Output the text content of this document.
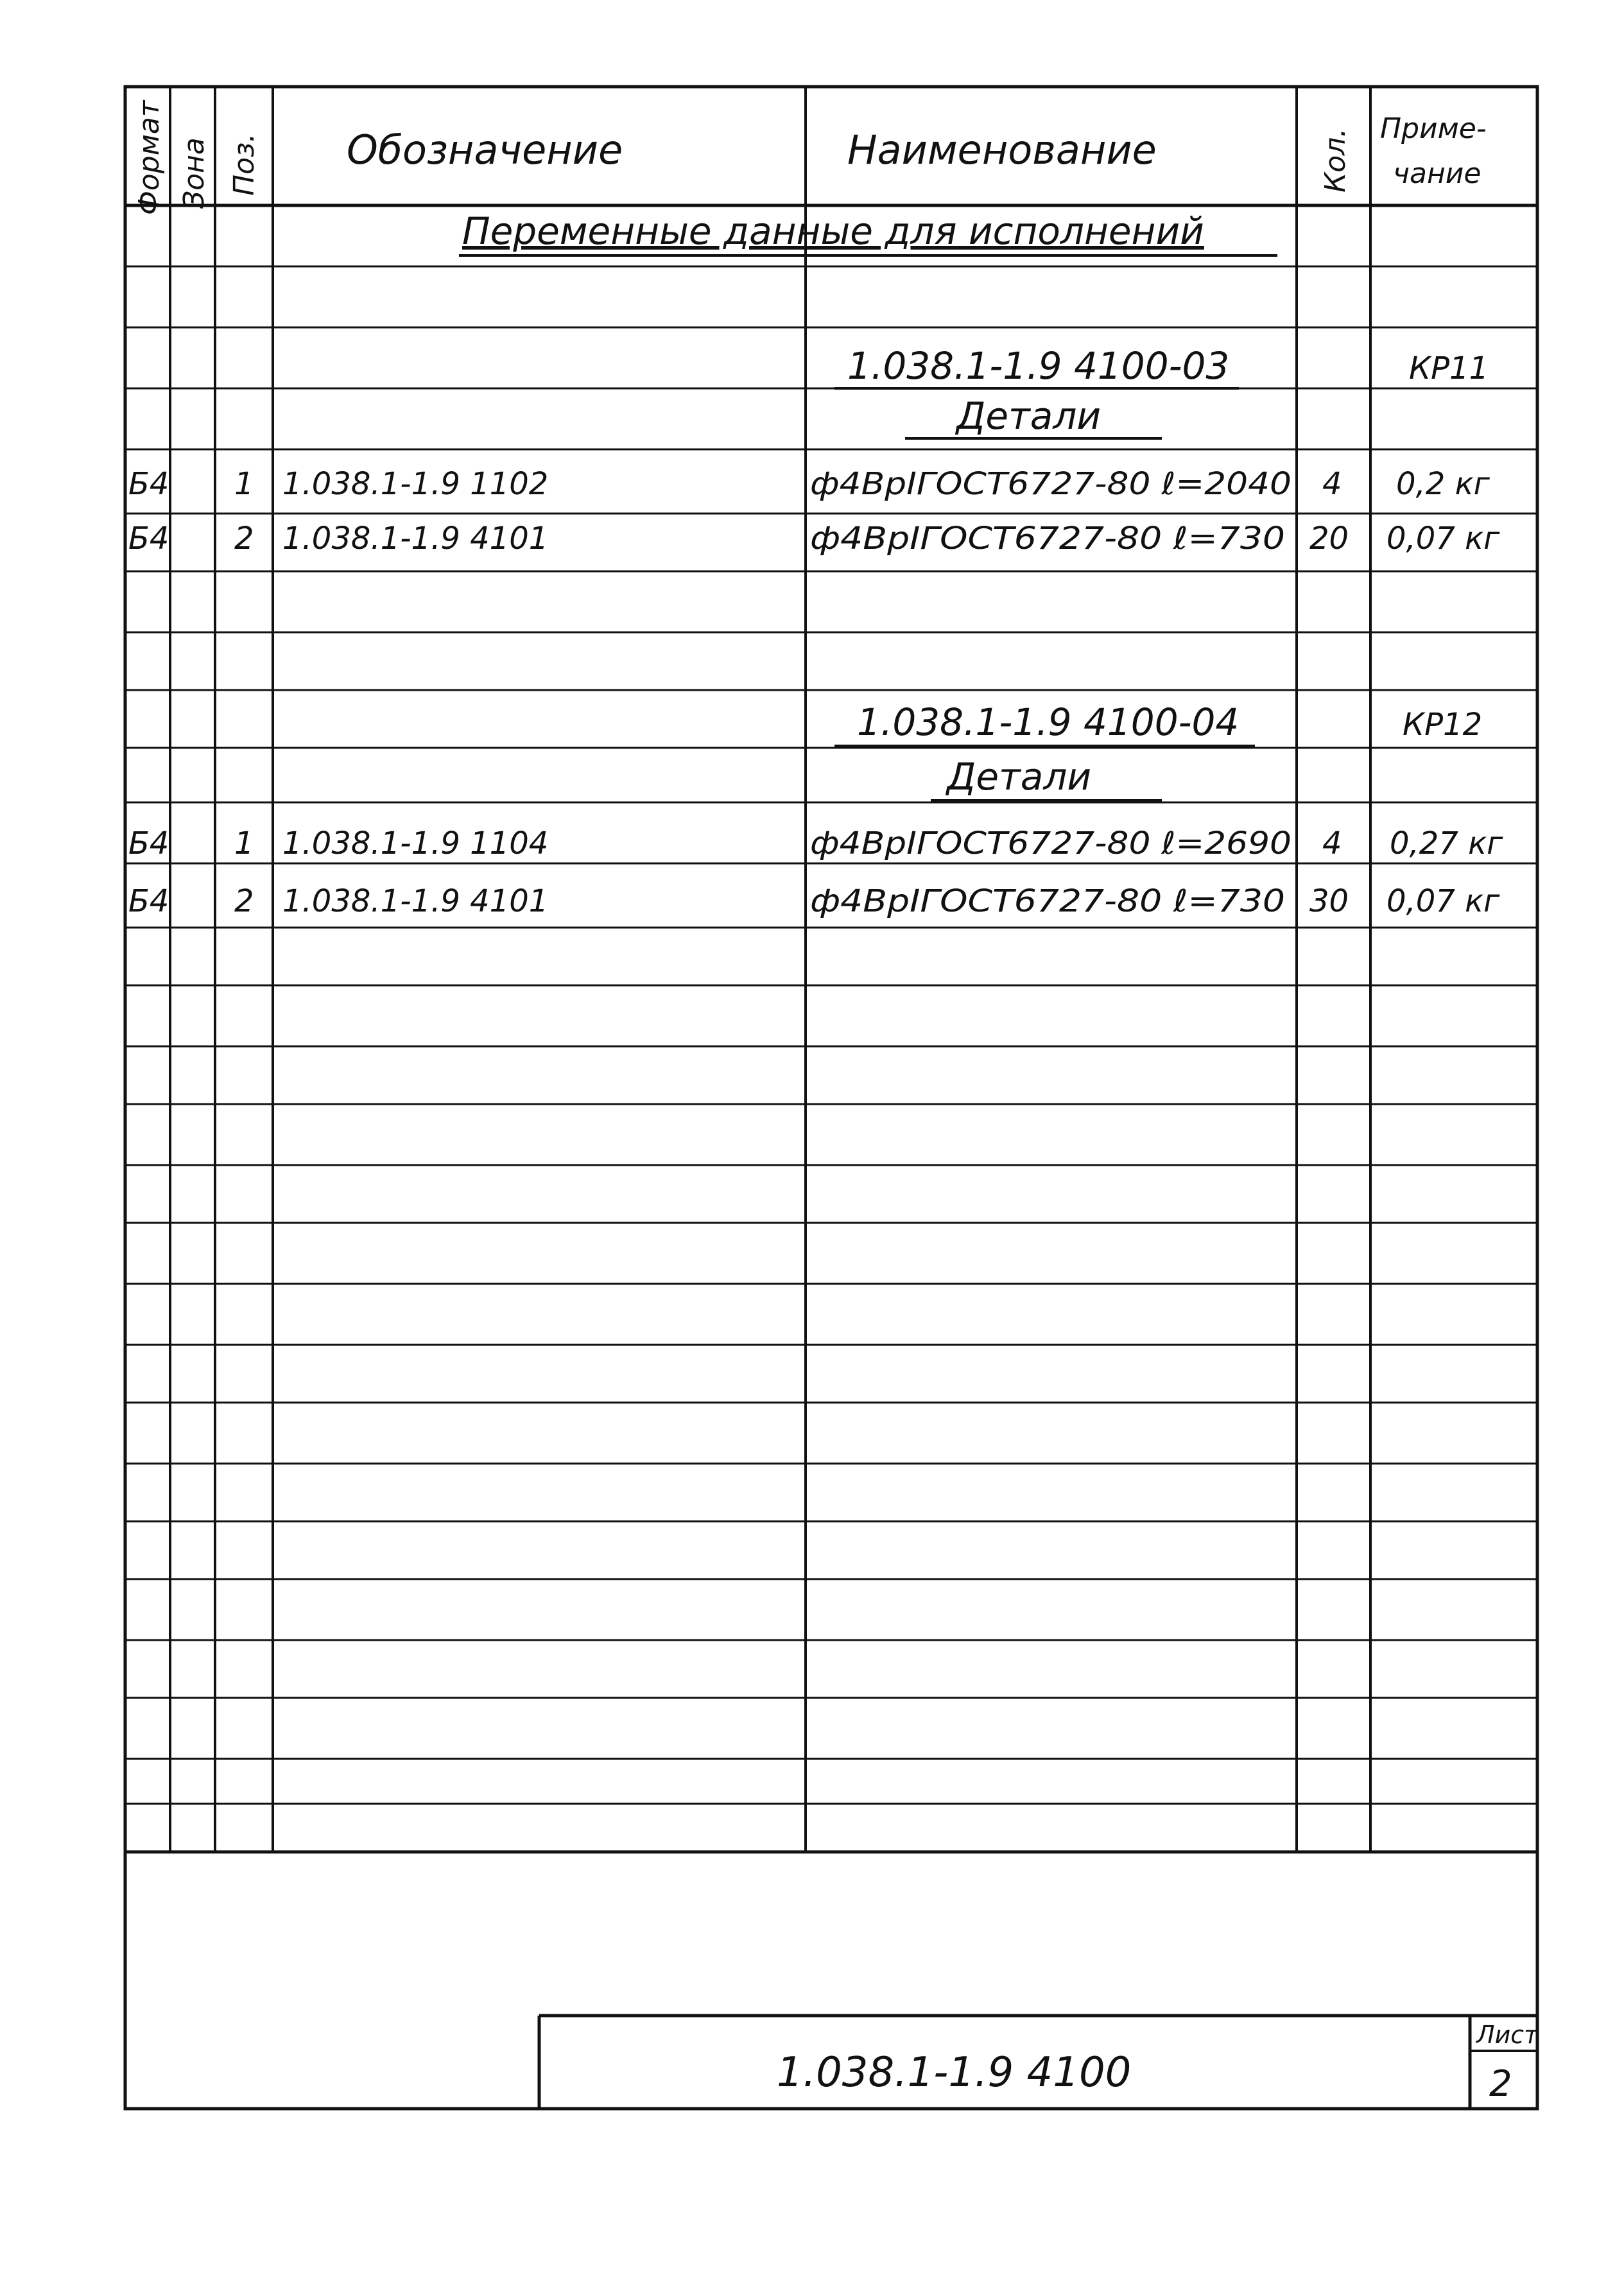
Формат Зона Поз. Обозначение	Наименование	Кол. Приме-
чание
Переменные данные для исполнений
1.038.1-1.9 4100-03	КР11
Детали
Б4 1 1.038.1-1.9 1102	ф4ВрIГОСТ6727-80 ℓ=2040 4 0,2 кг
Б4 2 1.038.1-1.9 4101	ф4ВрIГОСТ6727-80 ℓ=730 20 0,07 кг
1.038.1-1.9 4100-04	КР12
Детали
Б4 1 1.038.1-1.9 1104	ф4ВрIГОСТ6727-80 ℓ=2690 4 0,27 кг
Б4 2 1.038.1-1.9 4101	ф4ВрIГОСТ6727-80 ℓ=730 30 0,07 кг
1.038.1-1.9 4100
Лист
2
